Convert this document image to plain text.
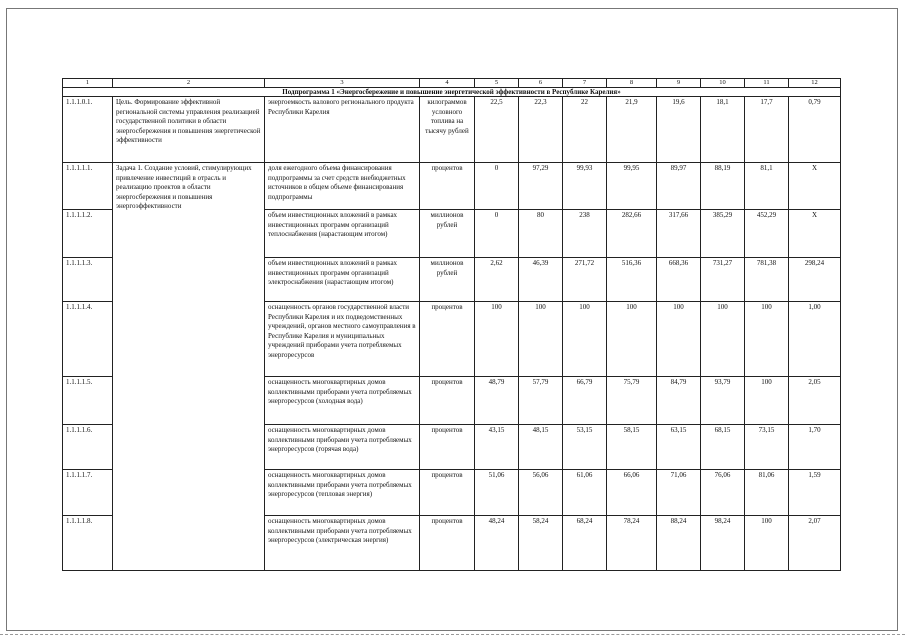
1	2	3	4	5	6	7	8	9	10	11	12
Подпрограмма 1 «Энергосбережение и повышение энергетической эффективности в Республике Карелия»											
1.1.1.0.1.	Цель. Формирование эффективной региональной системы управления реализацией государственной политики в области энергосбережения и повышения энергетической эффективности	энергоемкость валового регионального продукта Республики Карелия	килограммов условного топлива на тысячу рублей	22,5	22,3	22	21,9	19,6	18,1	17,7	0,79
1.1.1.1.1.	Задача 1. Создание условий, стимулирующих привлечение инвестиций в отрасль и реализацию проектов в области энергосбережения и повышения энергоэффективности	доля ежегодного объема финансирования подпрограммы за счет средств внебюджетных источников в общем объеме финансирования подпрограммы	процентов	0	97,29	99,93	99,95	89,97	88,19	81,1	X
1.1.1.1.2.		объем инвестиционных вложений в рамках инвестиционных программ организаций теплоснабжения (нарастающим итогом)	миллионов рублей	0	80	238	282,66	317,66	385,29	452,29	X
1.1.1.1.3.		объем инвестиционных вложений в рамках инвестиционных программ организаций электроснабжения (нарастающим итогом)	миллионов рублей	2,62	46,39	271,72	516,36	668,36	731,27	781,38	298,24
1.1.1.1.4.		оснащенность органов государственной власти Республики Карелия и их подведомственных учреждений, органов местного самоуправления в Республике Карелия и муниципальных учреждений приборами учета потребляемых энергоресурсов	процентов	100	100	100	100	100	100	100	1,00
1.1.1.1.5.		оснащенность многоквартирных домов коллективными приборами учета потребляемых энергоресурсов (холодная вода)	процентов	48,79	57,79	66,79	75,79	84,79	93,79	100	2,05
1.1.1.1.6.		оснащенность многоквартирных домов коллективными приборами учета потребляемых энергоресурсов (горячая вода)	процентов	43,15	48,15	53,15	58,15	63,15	68,15	73,15	1,70
1.1.1.1.7.		оснащенность многоквартирных домов коллективными приборами учета потребляемых энергоресурсов (тепловая энергия)	процентов	51,06	56,06	61,06	66,06	71,06	76,06	81,06	1,59
1.1.1.1.8.		оснащенность многоквартирных домов коллективными приборами учета потребляемых энергоресурсов (электрическая энергия)	процентов	48,24	58,24	68,24	78,24	88,24	98,24	100	2,07
